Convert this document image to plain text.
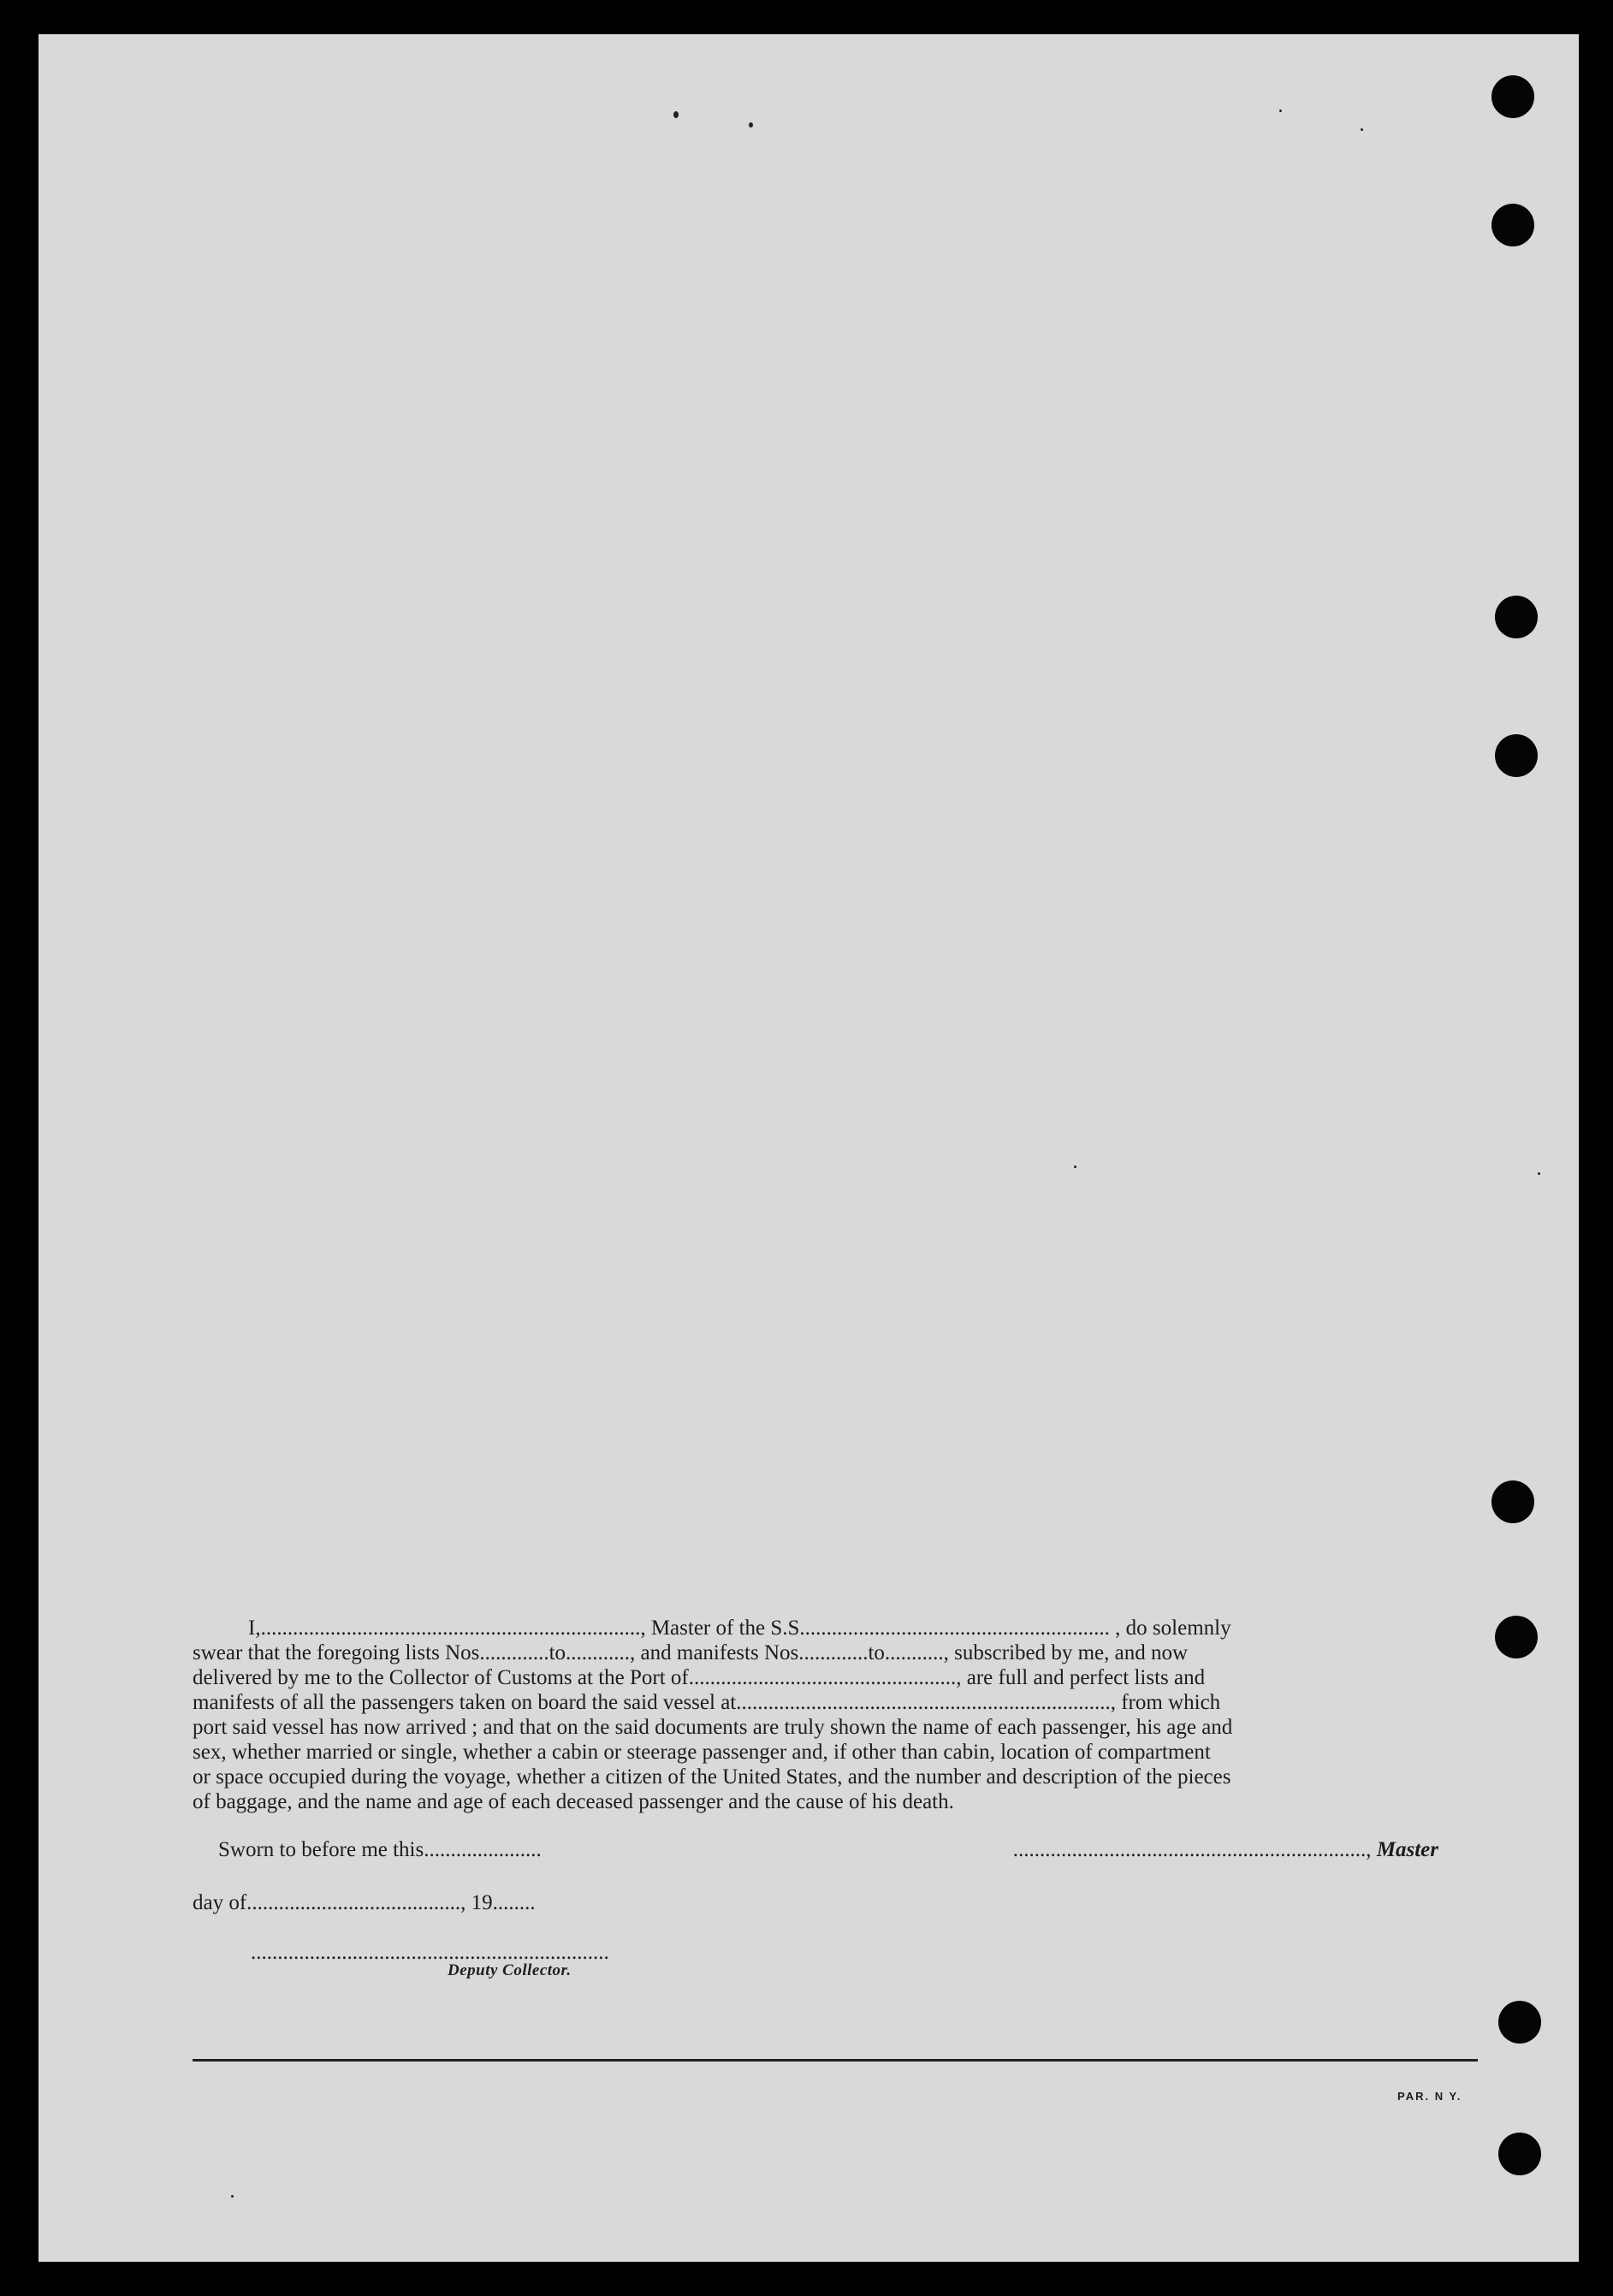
I,......................................................................., Master of the S.S.......................................................... , do solemnly
swear that the foregoing lists Nos.............to............, and manifests Nos.............to..........., subscribed by me, and now
delivered by me to the Collector of Customs at the Port of.................................................., are full and perfect lists and
manifests of all the passengers taken on board the said vessel at......................................................................, from which
port said vessel has now arrived ; and that on the said documents are truly shown the name of each passenger, his age and
sex, whether married or single, whether a cabin or steerage passenger and, if other than cabin, location of compartment
or space occupied during the voyage, whether a citizen of the United States, and the number and description of the pieces
of baggage, and the name and age of each deceased passenger and the cause of his death.
Sworn to before me this......................	.................................................................., Master
day of........................................, 19........
...................................................................
Deputy Collector.
PAR. N Y.
